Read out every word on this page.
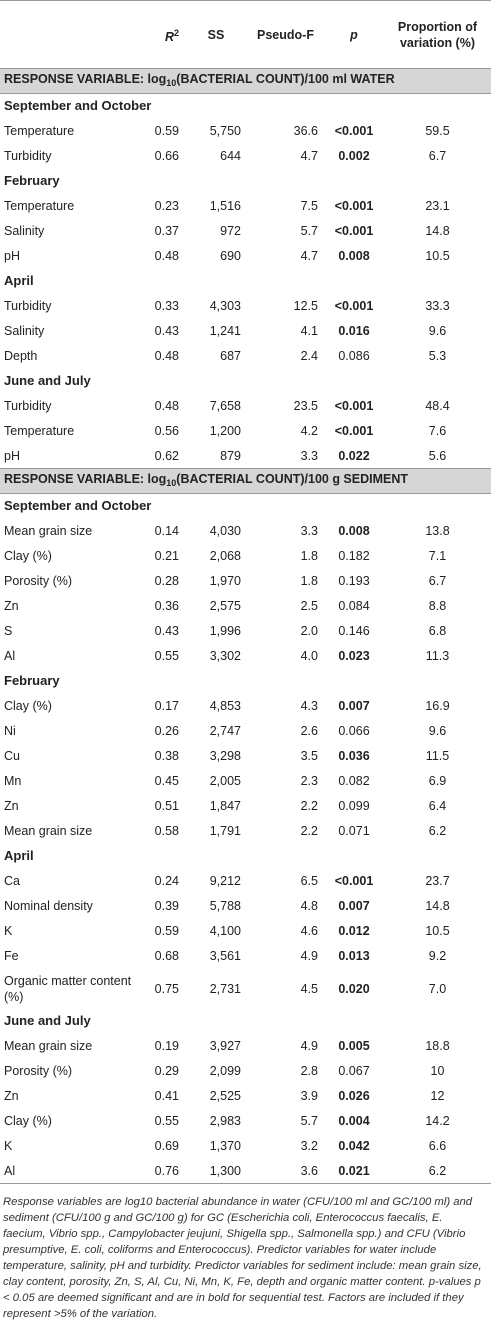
	$R^2$	SS	Pseudo-F	p	Proportion of variation (%)
RESPONSE VARIABLE: $\log_{10}(BACTERIAL$ COUNT)/100 ml WATER					
September and October					
Temperature	0.59	5,750	36.6	<0.001	59.5
Turbidity	0.66	644	4.7	0.002	6.7
February					
Temperature	0.23	1,516	7.5	<0.001	23.1
Salinity	0.37	972	5.7	<0.001	14.8
pH	0.48	690	4.7	0.008	10.5
April					
Turbidity	0.33	4,303	12.5	<0.001	33.3
Salinity	0.43	1,241	4.1	0.016	9.6
Depth	0.48	687	2.4	0.086	5.3
June and July					
Turbidity	0.48	7,658	23.5	<0.001	48.4
Temperature	0.56	1,200	4.2	<0.001	7.6
pH	0.62	879	3.3	0.022	5.6
RESPONSE VARIABLE: $\log_{10}(BACTERIAL$ COUNT)/100 g SEDIMENT					
September and October					
Mean grain size	0.14	4,030	3.3	0.008	13.8
Clay (%)	0.21	2,068	1.8	0.182	7.1
Porosity (%)	0.28	1,970	1.8	0.193	6.7
Zn	0.36	2,575	2.5	0.084	8.8
S	0.43	1,996	2.0	0.146	6.8
Al	0.55	3,302	4.0	0.023	11.3
February					
Clay (%)	0.17	4,853	4.3	0.007	16.9
Ni	0.26	2,747	2.6	0.066	9.6
Cu	0.38	3,298	3.5	0.036	11.5
Mn	0.45	2,005	2.3	0.082	6.9
Zn	0.51	1,847	2.2	0.099	6.4
Mean grain size	0.58	1,791	2.2	0.071	6.2
April					
Ca	0.24	9,212	6.5	<0.001	23.7
Nominal density	0.39	5,788	4.8	0.007	14.8
K	0.59	4,100	4.6	0.012	10.5
Fe	0.68	3,561	4.9	0.013	9.2
Organic matter content (%)	0.75	2,731	4.5	0.020	7.0
June and July					
Mean grain size	0.19	3,927	4.9	0.005	18.8
Porosity (%)	0.29	2,099	2.8	0.067	10
Zn	0.41	2,525	3.9	0.026	12
Clay (%)	0.55	2,983	5.7	0.004	14.2
K	0.69	1,370	3.2	0.042	6.6
Al	0.76	1,300	3.6	0.021	6.2
Response variables are log10 bacterial abundance in water (CFU/100 ml and GC/100 ml) and sediment (CFU/100 g and GC/100 g) for GC (Escherichia coli, Enterococcus faecalis, E. faecium, Vibrio spp., Campylobacter jeujuni, Shigella spp., Salmonella spp.) and CFU (Vibrio presumptive, E. coli, coliforms and Enterococcus). Predictor variables for water include temperature, salinity, pH and turbidity. Predictor variables for sediment include: mean grain size, clay content, porosity, Zn, S, Al, Cu, Ni, Mn, K, Fe, depth and organic matter content. p-values p < 0.05 are deemed significant and are in bold for sequential test. Factors are included if they represent >5% of the variation.
